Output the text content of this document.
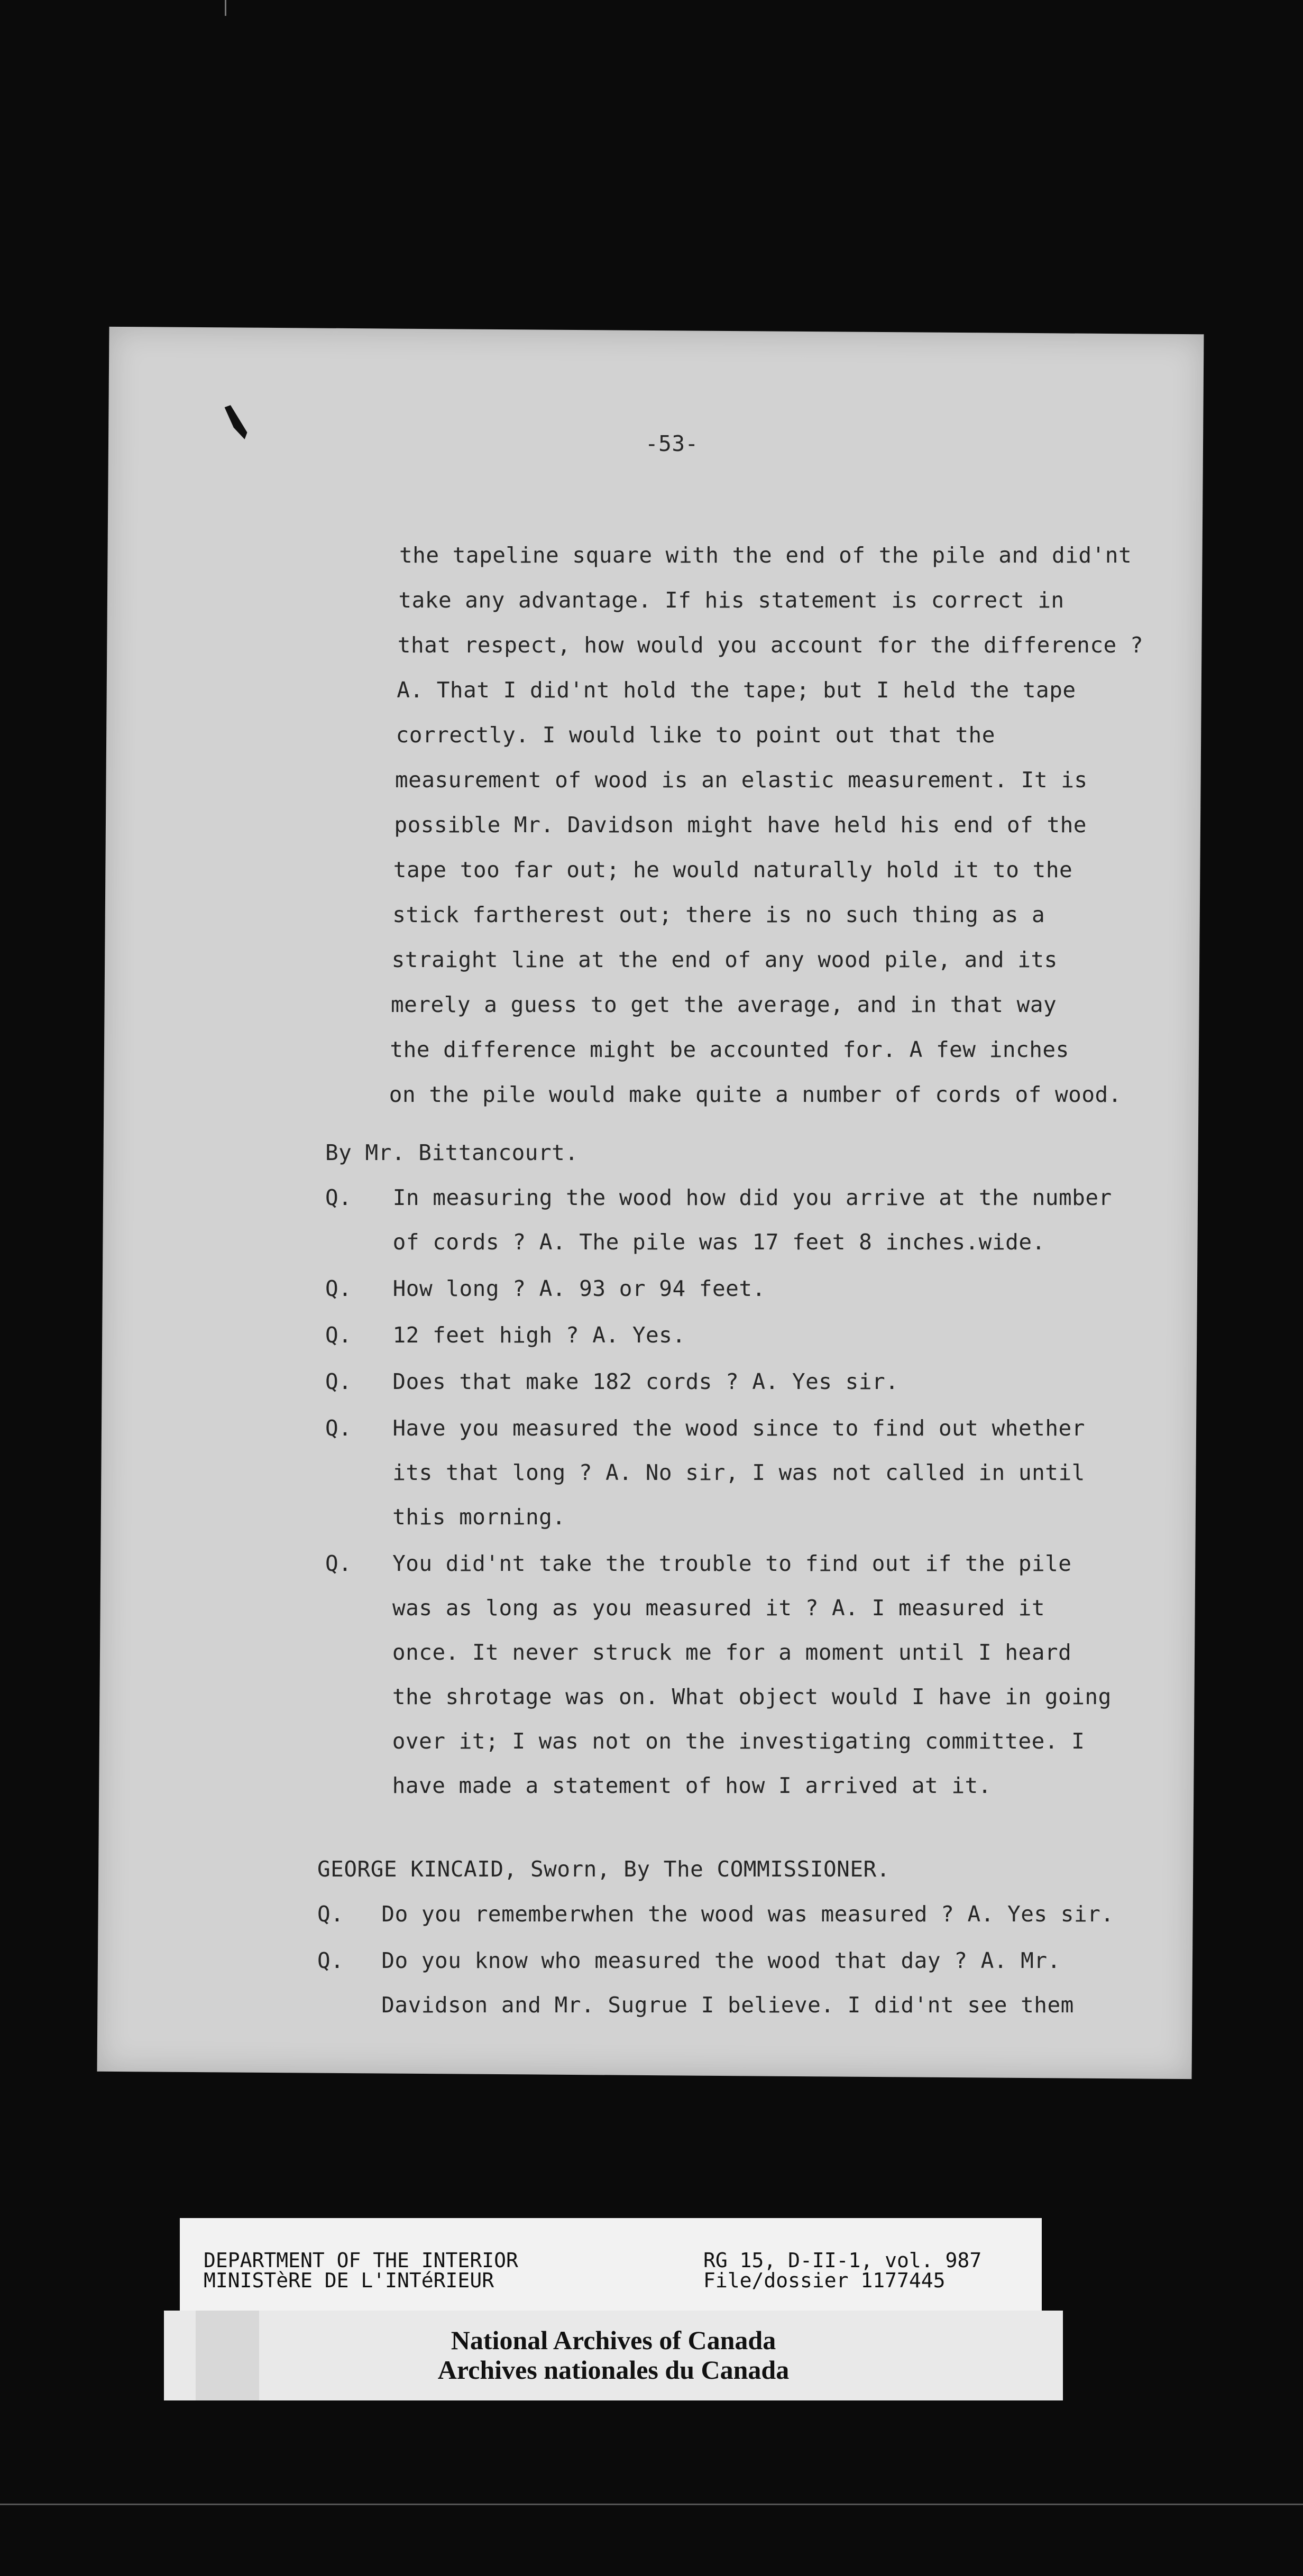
-53-
the tapeline square with the end of the pile and did'nt
take any advantage. If his statement is correct in
that respect, how would you account for the difference ?
A. That I did'nt hold the tape; but I held the tape
correctly. I would like to point out that the
measurement of wood is an elastic measurement. It is
possible Mr. Davidson might have held his end of the
tape too far out; he would naturally hold it to the
stick fartherest out; there is no such thing as a
straight line at the end of any wood pile, and its
merely a guess to get the average, and in that way
the difference might be accounted for. A few inches
on the pile would make quite a number of cords of wood.
By Mr. Bittancourt.
Q. In measuring the wood how did you arrive at the number
of cords ? A. The pile was 17 feet 8 inches.wide.
Q. How long ? A. 93 or 94 feet.
Q. 12 feet high ? A. Yes.
Q. Does that make 182 cords ? A. Yes sir.
Q. Have you measured the wood since to find out whether
its that long ? A. No sir, I was not called in until
this morning.
Q. You did'nt take the trouble to find out if the pile
was as long as you measured it ? A. I measured it
once. It never struck me for a moment until I heard
the shrotage was on. What object would I have in going
over it; I was not on the investigating committee. I
have made a statement of how I arrived at it.
GEORGE KINCAID, Sworn, By The COMMISSIONER.
Q. Do you rememberwhen the wood was measured ? A. Yes sir.
Q. Do you know who measured the wood that day ? A. Mr.
Davidson and Mr. Sugrue I believe. I did'nt see them
DEPARTMENT OF THE INTERIOR
MINISTèRE DE L'INTéRIEUR
RG 15, D-II-1, vol. 987
File/dossier 1177445
National Archives of Canada
Archives nationales du Canada
